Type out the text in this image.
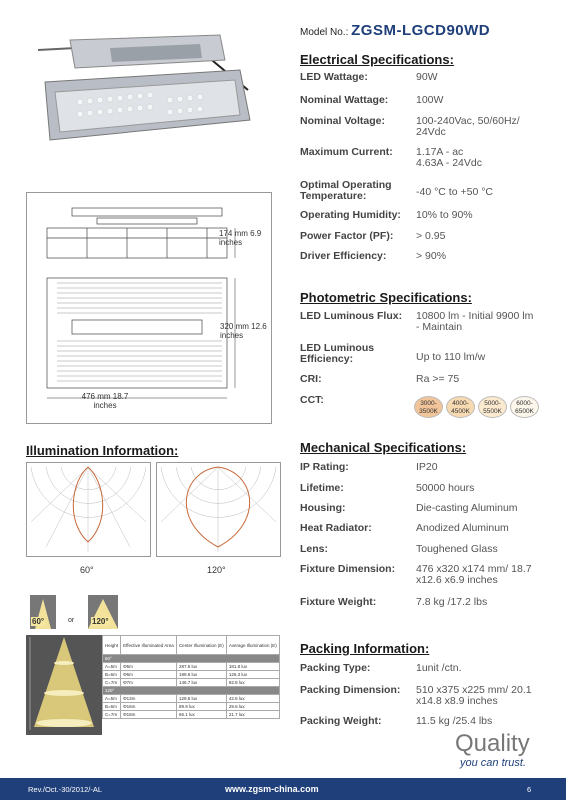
Model No.: ZGSM-LGCD90WD
174 mm 6.9 inches
320 mm 12.6 inches
476 mm 18.7 inches
Illumination Information:
60°	120°
60°	or 120°
Height	Effective Illuminated Area	Center Illumination (E)	Average Illumination (E)
60°			
A=5m	Φ5m	287.5 lux	181.8 lux
B=6m	Φ6m	199.6 lux	126.3 lux
C=7m	Φ7m	146.7 lux	92.8 lux
120°			
A=5m	Φ13m	129.5 lux	42.6 lux
B=6m	Φ16m	89.9 lux	29.6 lux
C=7m	Φ18m	66.1 lux	21.7 lux
Electrical Specifications:
LED Wattage:	90W
Nominal Wattage:	100W
Nominal Voltage:	100-240Vac, 50/60Hz/ 24Vdc
Maximum Current:	1.17A - ac 4.63A - 24Vdc
Optimal Operating Temperature:	-40 °C to +50 °C
Operating Humidity:	10% to 90%
Power Factor (PF):	> 0.95
Driver Efficiency:	> 90%
Photometric Specifications:
LED Luminous Flux:	10800 lm - Initial 9900 lm - Maintain
LED Luminous Efficiency:	Up to 110 lm/w
CRI:	Ra >= 75
CCT:	3000-3500K
4000-4500K
5000-5500K
6000-6500K
Mechanical Specifications:
IP Rating:	IP20
Lifetime:	50000 hours
Housing:	Die-casting Aluminum
Heat Radiator:	Anodized Aluminum
Lens:	Toughened Glass
Fixture Dimension:	476 x320 x174 mm/ 18.7 x12.6 x6.9 inches
Fixture Weight:	7.8 kg /17.2 lbs
Packing Information:
Packing Type:	1unit /ctn.
Packing Dimension:	510 x375 x225 mm/ 20.1 x14.8 x8.9 inches
Packing Weight:	11.5 kg /25.4 lbs
Quality
you can trust.
Rev./Oct.-30/2012/-AL	www.zgsm-china.com	6
